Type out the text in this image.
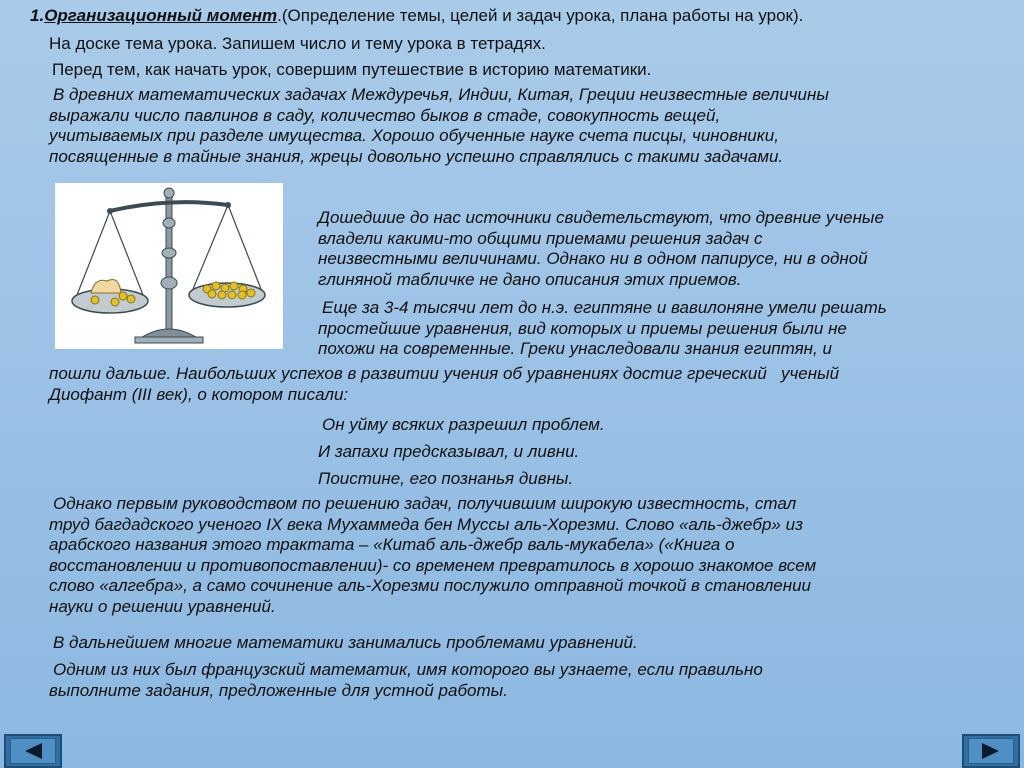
1.Организационный момент.(Определение темы, целей и задач урока, плана работы на урок).
На доске тема урока. Запишем число и тему урока в тетрадях.
Перед тем, как начать урок, совершим путешествие в историю математики.
В древних математических задачах Междуречья, Индии, Китая, Греции неизвестные величины
выражали число павлинов в саду, количество быков в стаде, совокупность вещей,
учитываемых при разделе имущества. Хорошо обученные науке счета писцы, чиновники,
посвященные в тайные знания, жрецы довольно успешно справлялись с такими задачами.
Дошедшие до нас источники свидетельствуют, что древние ученые
владели какими-то общими приемами решения задач с
неизвестными величинами. Однако ни в одном папирусе, ни в одной
глиняной табличке не дано описания этих приемов.
Еще за 3-4 тысячи лет до н.э. египтяне и вавилоняне умели решать
простейшие уравнения, вид которых и приемы решения были не
похожи на современные. Греки унаследовали знания египтян, и
пошли дальше. Наибольших успехов в развитии учения об уравнениях достиг греческий   ученый
Диофант (III век), о котором писали:
Он уйму всяких разрешил проблем.
И запахи предсказывал, и ливни.
Поистине, его познанья дивны.
Однако первым руководством по решению задач, получившим широкую известность, стал
труд багдадского ученого IX века Мухаммеда бен Муссы аль-Хорезми. Слово «аль-джебр» из
арабского названия этого трактата – «Китаб аль-джебр валь-мукабела» («Книга о
восстановлении и противопоставлении)- со временем превратилось в хорошо знакомое всем
слово «алгебра», а само сочинение аль-Хорезми послужило отправной точкой в становлении
науки о решении уравнений.
В дальнейшем многие математики занимались проблемами уравнений.
Одним из них был французский математик, имя которого вы узнаете, если правильно
выполните задания, предложенные для устной работы.
